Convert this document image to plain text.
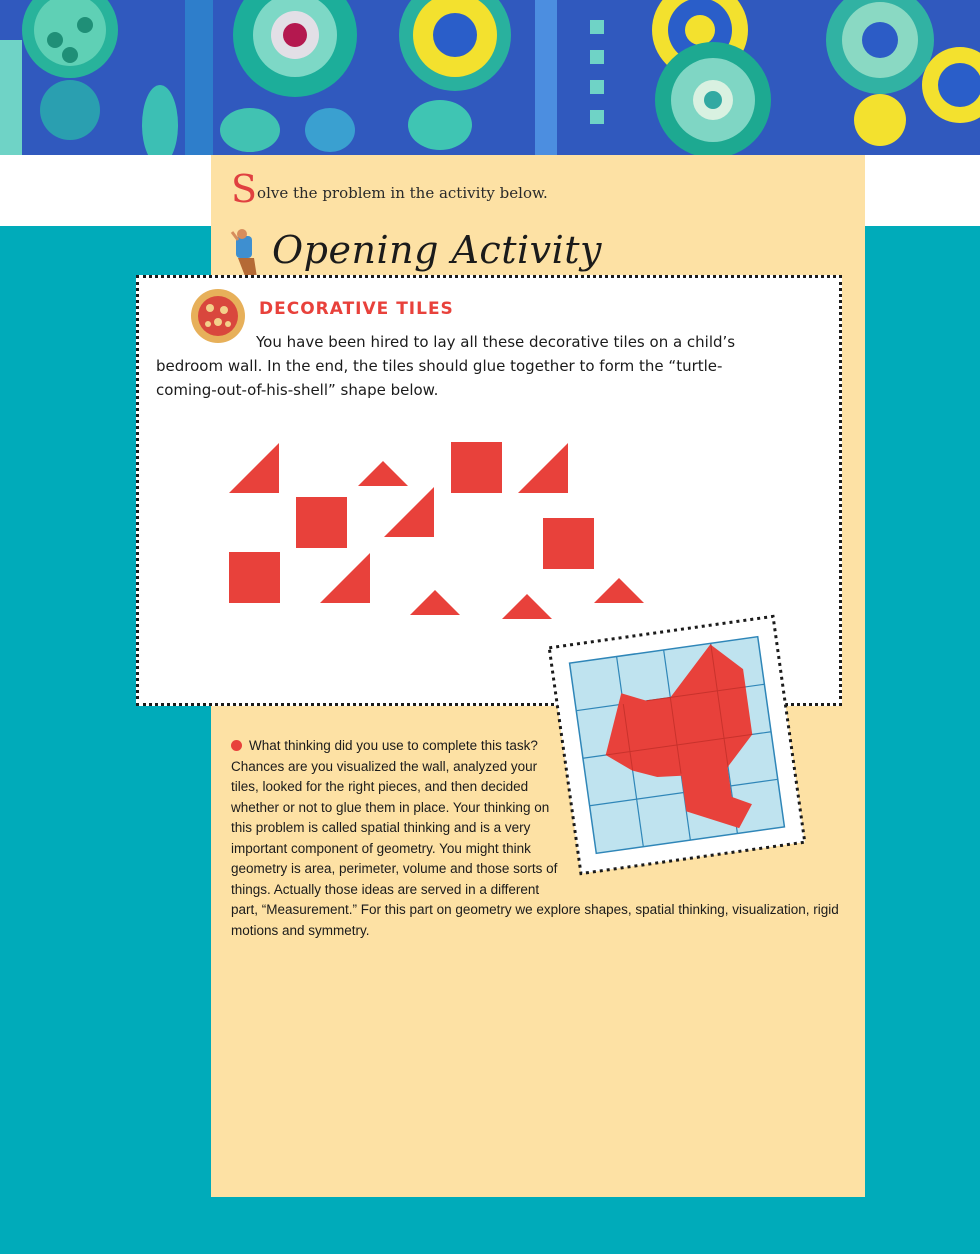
Solve the problem in the activity below.
Opening Activity
DECORATIVE TILES

You have been hired to lay all these decorative tiles on a child’s bedroom wall. In the end, the tiles should glue together to form the “turtle-coming-out-of-his-shell” shape below.

What thinking did you use to complete this task? Chances are you visualized the wall, analyzed your tiles, looked for the right pieces, and then decided whether or not to glue them in place. Your thinking on this problem is called spatial thinking and is a very important component of geometry. You might think geometry is area, perimeter, volume and those sorts of things. Actually those ideas are served in a different part, “Measurement.” For this part on geometry we explore shapes, spatial thinking, visualization, rigid motions and symmetry.
